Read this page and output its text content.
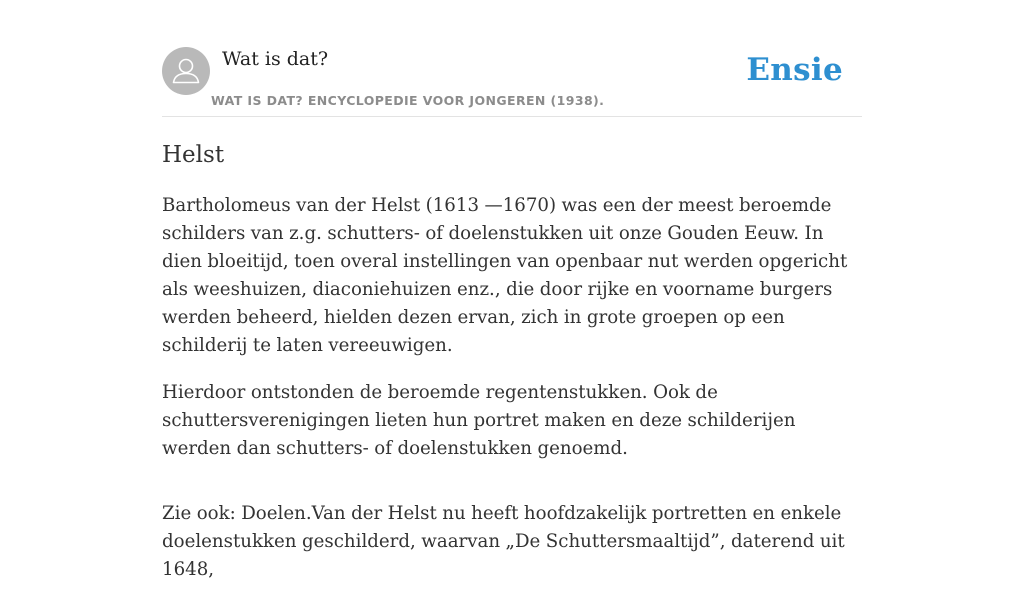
Wat is dat?
WAT IS DAT? ENCYCLOPEDIE VOOR JONGEREN (1938).
Ensie
Helst

Bartholomeus van der Helst (1613 —1670) was een der meest beroemde schilders van z.g. schutters- of doelenstukken uit onze Gouden Eeuw. In dien bloeitijd, toen overal instellingen van openbaar nut werden opgericht als weeshuizen, diaconiehuizen enz., die door rijke en voorname burgers werden beheerd, hielden dezen ervan, zich in grote groepen op een schilderij te laten vereeuwigen.

Hierdoor ontstonden de beroemde regentenstukken. Ook de schuttersverenigingen lieten hun portret maken en deze schilderijen werden dan schutters- of doelenstukken genoemd.

Zie ook: Doelen.Van der Helst nu heeft hoofdzakelijk portretten en enkele doelenstukken geschilderd, waarvan „De Schuttersmaaltijd”, daterend uit 1648,
